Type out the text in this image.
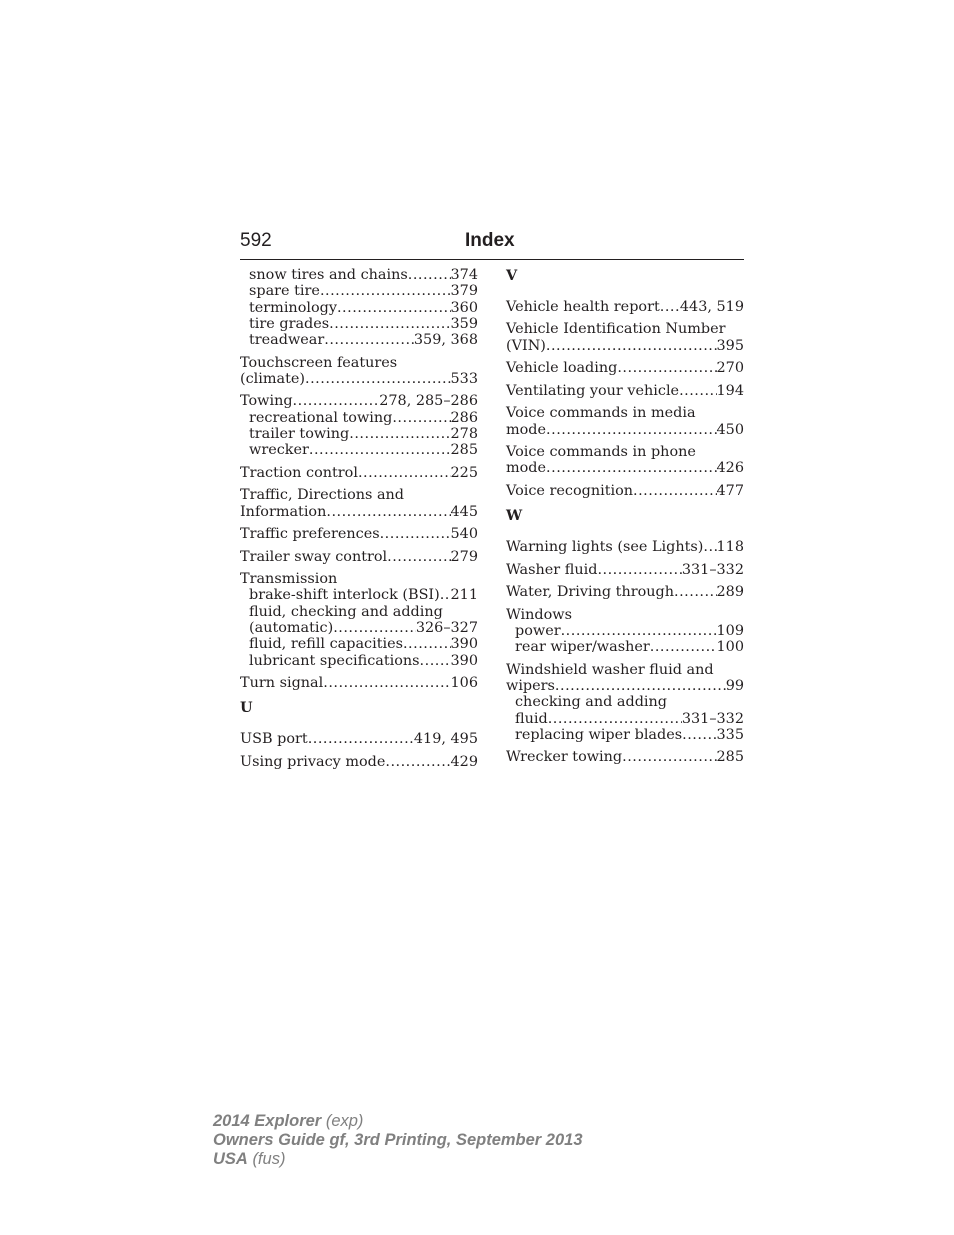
592	Index
snow tires and chains .....	374
spare tire .....	379
terminology .....	360
tire grades .....	359
treadwear .....	359, 368
Touchscreen features
(climate) .....	533
Towing .....	278, 285–286
recreational towing .....	286
trailer towing .....	278
wrecker .....	285
Traction control .....	225
Traffic, Directions and
Information .....	445
Traffic preferences .....	540
Trailer sway control .....	279
Transmission
brake-shift interlock (BSI) ..... 211
fluid, checking and adding
(automatic) .....	326–327
fluid, refill capacities .....	390
lubricant specifications ..... 390
Turn signal .....	106
U
USB port .....	419, 495
Using privacy mode .....	429
V
Vehicle health report ..... 443, 519
Vehicle Identification Number
(VIN) .....	395
Vehicle loading .....	270
Ventilating your vehicle .....	194
Voice commands in media
mode .....	450
Voice commands in phone
mode .....	426
Voice recognition .....	477
W
Warning lights (see Lights) ..... 118
Washer fluid .....	331–332
Water, Driving through .....	289
Windows
power .....	109
rear wiper/washer .....	100
Windshield washer fluid and
wipers .....	99
checking and adding
fluid .....	331–332
replacing wiper blades ..... 335
Wrecker towing .....	285
2014 Explorer (exp)
Owners Guide gf, 3rd Printing, September 2013
USA (fus)
